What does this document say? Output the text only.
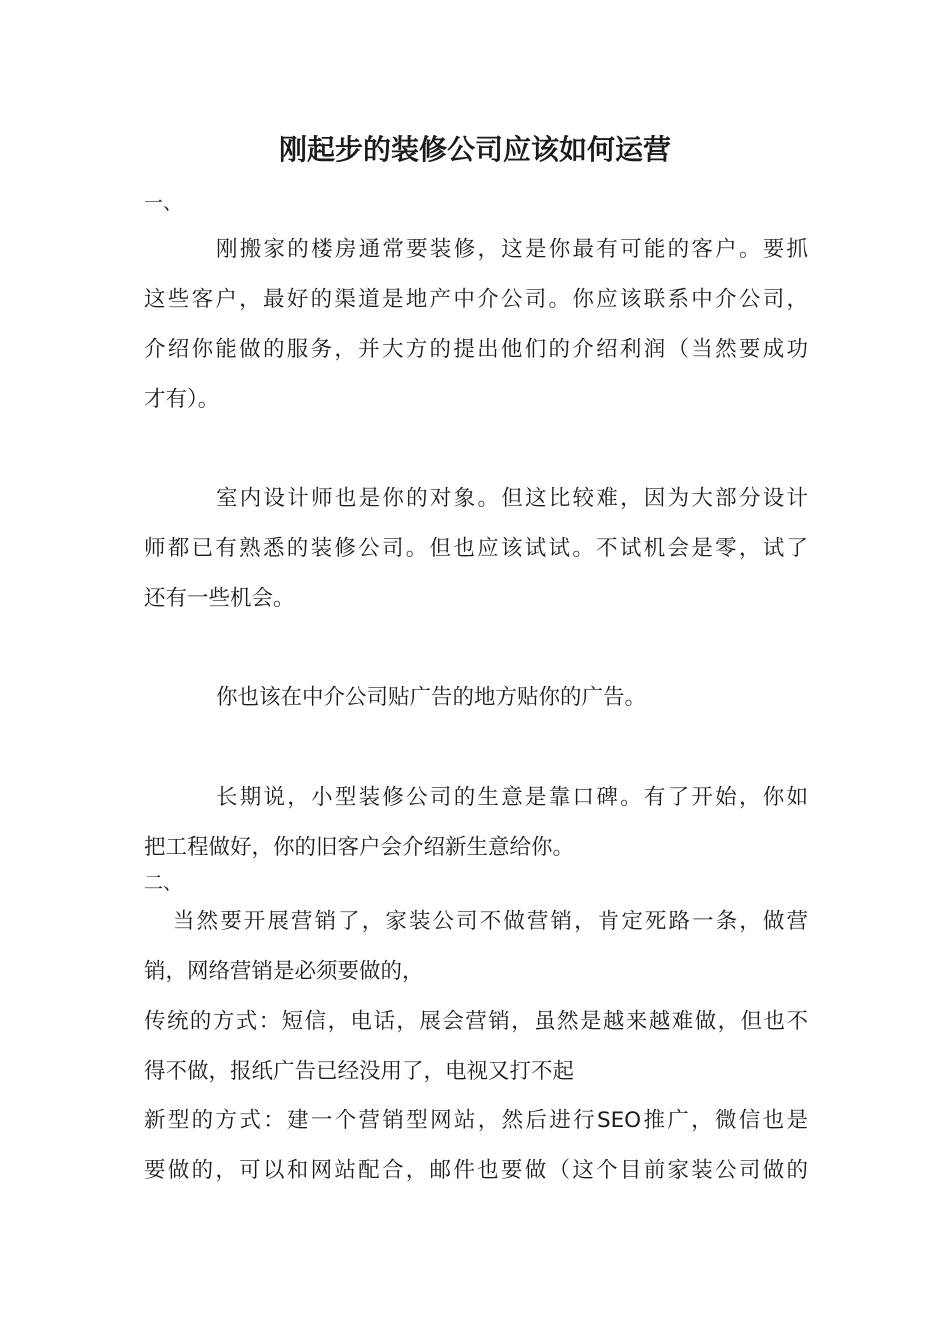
刚起步的装修公司应该如何运营
一、
刚搬家的楼房通常要装修，这是你最有可能的客户。要抓
这些客户，最好的渠道是地产中介公司。你应该联系中介公司，
介绍你能做的服务，并大方的提出他们的介绍利润（当然要成功
才有）。
室内设计师也是你的对象。但这比较难，因为大部分设计
师都已有熟悉的装修公司。但也应该试试。不试机会是零，试了
还有一些机会。
你也该在中介公司贴广告的地方贴你的广告。
长期说，小型装修公司的生意是靠口碑。有了开始，你如
把工程做好，你的旧客户会介绍新生意给你。
二、
当然要开展营销了，家装公司不做营销，肯定死路一条，做营
销，网络营销是必须要做的，
传统的方式：短信，电话，展会营销，虽然是越来越难做，但也不
得不做，报纸广告已经没用了，电视又打不起
新型的方式：建一个营销型网站，然后进行SEO推广，微信也是
要做的，可以和网站配合，邮件也要做（这个目前家装公司做的
